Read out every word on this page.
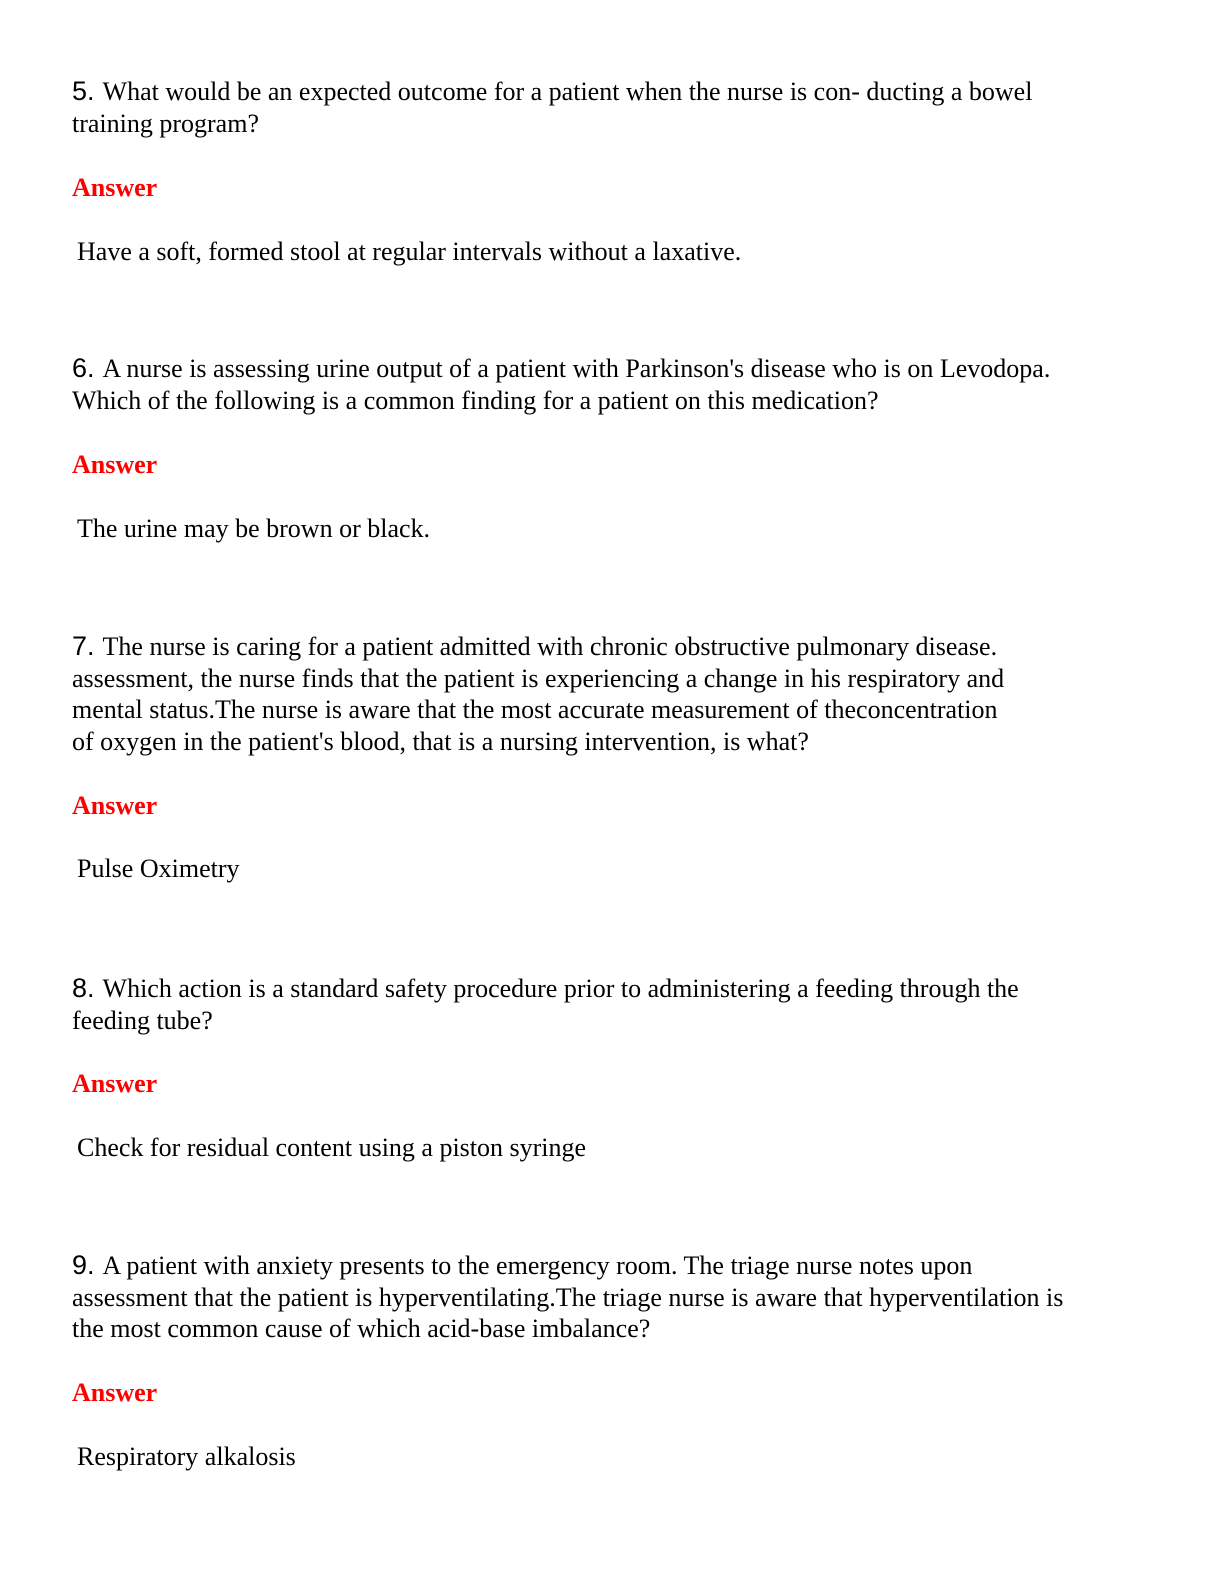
5. What would be an expected outcome for a patient when the nurse is con- ducting a bowel
training program?

Answer

Have a soft, formed stool at regular intervals without a laxative.

6. A nurse is assessing urine output of a patient with Parkinson's disease who is on Levodopa.
Which of the following is a common finding for a patient on this medication?

Answer

The urine may be brown or black.

7. The nurse is caring for a patient admitted with chronic obstructive pulmonary disease.
assessment, the nurse finds that the patient is experiencing a change in his respiratory and
mental status.The nurse is aware that the most accurate measurement of theconcentration
of oxygen in the patient's blood, that is a nursing intervention, is what?

Answer

Pulse Oximetry

8. Which action is a standard safety procedure prior to administering a feeding through the
feeding tube?

Answer

Check for residual content using a piston syringe

9. A patient with anxiety presents to the emergency room. The triage nurse notes upon
assessment that the patient is hyperventilating.The triage nurse is aware that hyperventilation is
the most common cause of which acid-base imbalance?

Answer

Respiratory alkalosis
